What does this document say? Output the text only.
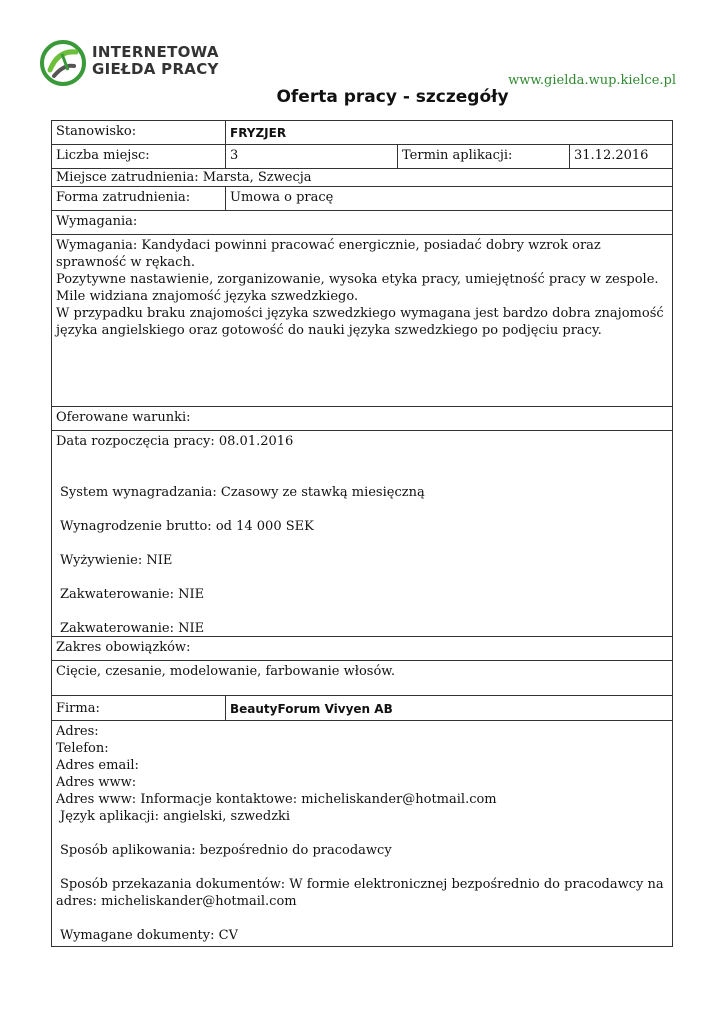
INTERNETOWA
GIEŁDA PRACY
www.gielda.wup.kielce.pl
Oferta pracy - szczegóły
Stanowisko:	FRYZJER
Liczba miejsc:	3	Termin aplikacji:	31.12.2016
Miejsce zatrudnienia: Marsta, Szwecja
Forma zatrudnienia:	Umowa o pracę
Wymagania:

Wymagania: Kandydaci powinni pracować energicznie, posiadać dobry wzrok oraz sprawność w rękach.

Pozytywne nastawienie, zorganizowanie, wysoka etyka pracy, umiejętność pracy w zespole.

Mile widziana znajomość języka szwedzkiego.

W przypadku braku znajomości języka szwedzkiego wymagana jest bardzo dobra znajomość języka angielskiego oraz gotowość do nauki języka szwedzkiego po podjęciu pracy.

Oferowane warunki:

Data rozpoczęcia pracy: 08.01.2016

System wynagradzania: Czasowy ze stawką miesięczną

Wynagrodzenie brutto: od 14 000 SEK

Wyżywienie: NIE

Zakwaterowanie: NIE

Zakwaterowanie: NIE

Zakres obowiązków:
Cięcie, czesanie, modelowanie, farbowanie włosów.
Firma:	BeautyForum Vivyen AB

Adres:

Telefon:

Adres email:

Adres www:

Adres www: Informacje kontaktowe: micheliskander@hotmail.com

Język aplikacji: angielski, szwedzki

Sposób aplikowania: bezpośrednio do pracodawcy

Sposób przekazania dokumentów: W formie elektronicznej bezpośrednio do pracodawcy na adres: micheliskander@hotmail.com

Wymagane dokumenty: CV
